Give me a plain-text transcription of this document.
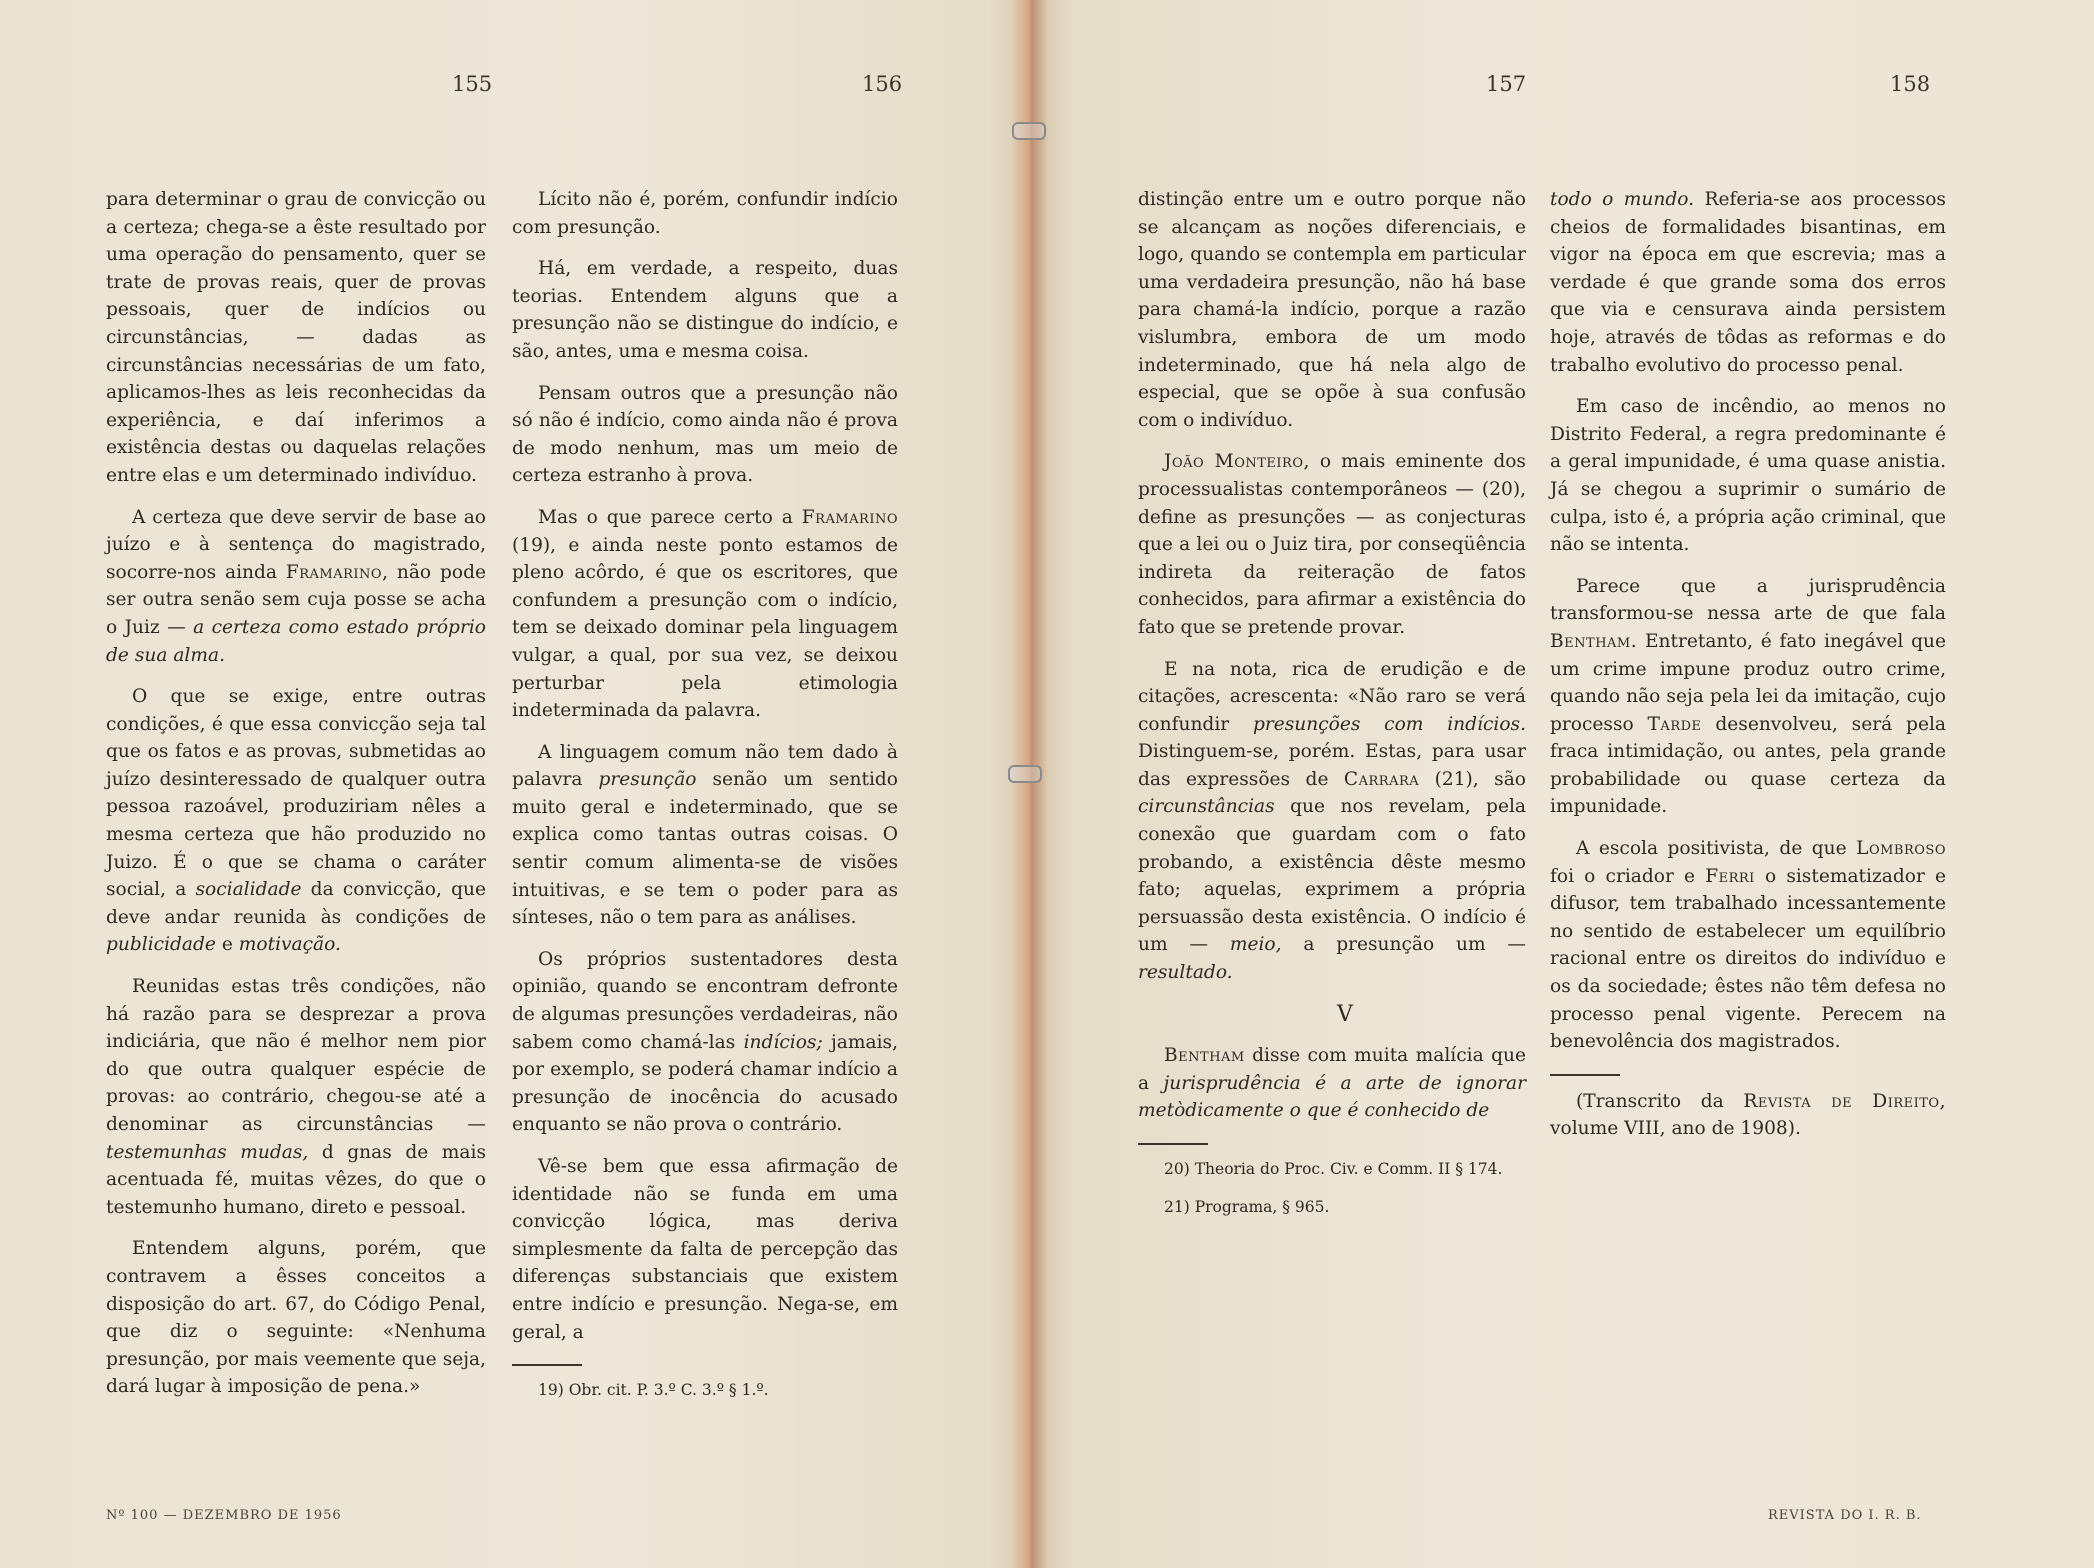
155

para determinar o grau de convicção ou a certeza; chega-se a êste resultado por uma operação do pensamento, quer se trate de provas reais, quer de provas pessoais, quer de indícios ou circunstâncias, — dadas as circunstâncias necessárias de um fato, aplicamos-lhes as leis reconhecidas da experiência, e daí inferimos a existência destas ou daquelas relações entre elas e um determinado indivíduo.

A certeza que deve servir de base ao juízo e à sentença do magistrado, socorre-nos ainda Framarino, não pode ser outra senão sem cuja posse se acha o Juiz — a certeza como estado próprio de sua alma.

O que se exige, entre outras condições, é que essa convicção seja tal que os fatos e as provas, submetidas ao juízo desinteressado de qualquer outra pessoa razoável, produziriam nêles a mesma certeza que hão produzido no Juizo. É o que se chama o caráter social, a socialidade da convicção, que deve andar reunida às condições de publicidade e motivação.

Reunidas estas três condições, não há razão para se desprezar a prova indiciária, que não é melhor nem pior do que outra qualquer espécie de provas: ao contrário, chegou-se até a denominar as circunstâncias — testemunhas mudas, d gnas de mais acentuada fé, muitas vêzes, do que o testemunho humano, direto e pessoal.

Entendem alguns, porém, que contravem a êsses conceitos a disposição do art. 67, do Código Penal, que diz o seguinte: «Nenhuma presunção, por mais veemente que seja, dará lugar à imposição de pena.»

Nº 100 — DEZEMBRO DE 1956
156

Lícito não é, porém, confundir indício com presunção.

Há, em verdade, a respeito, duas teorias. Entendem alguns que a presunção não se distingue do indício, e são, antes, uma e mesma coisa.

Pensam outros que a presunção não só não é indício, como ainda não é prova de modo nenhum, mas um meio de certeza estranho à prova.

Mas o que parece certo a Framarino (19), e ainda neste ponto estamos de pleno acôrdo, é que os escritores, que confundem a presunção com o indício, tem se deixado dominar pela linguagem vulgar, a qual, por sua vez, se deixou perturbar pela etimologia indeterminada da palavra.

A linguagem comum não tem dado à palavra presunção senão um sentido muito geral e indeterminado, que se explica como tantas outras coisas. O sentir comum alimenta-se de visões intuitivas, e se tem o poder para as sínteses, não o tem para as análises.

Os próprios sustentadores desta opinião, quando se encontram defronte de algumas presunções verdadeiras, não sabem como chamá-las indícios; jamais, por exemplo, se poderá chamar indício a presunção de inocência do acusado enquanto se não prova o contrário.

Vê-se bem que essa afirmação de identidade não se funda em uma convicção lógica, mas deriva simplesmente da falta de percepção das diferenças substanciais que existem entre indício e presunção. Nega-se, em geral, a

19) Obr. cit. P. 3.º C. 3.º § 1.º.

157

distinção entre um e outro porque não se alcançam as noções diferenciais, e logo, quando se contempla em particular uma verdadeira presunção, não há base para chamá-la indício, porque a razão vislumbra, embora de um modo indeterminado, que há nela algo de especial, que se opõe à sua confusão com o indivíduo.

João Monteiro, o mais eminente dos processualistas contemporâneos — (20), define as presunções — as conjecturas que a lei ou o Juiz tira, por conseqüência indireta da reiteração de fatos conhecidos, para afirmar a existência do fato que se pretende provar.

E na nota, rica de erudição e de citações, acrescenta: «Não raro se verá confundir presunções com indícios. Distinguem-se, porém. Estas, para usar das expressões de Carrara (21), são circunstâncias que nos revelam, pela conexão que guardam com o fato probando, a existência dêste mesmo fato; aquelas, exprimem a própria persuassão desta existência. O indício é um — meio, a presunção um — resultado.

V

Bentham disse com muita malícia que a jurisprudência é a arte de ignorar metòdicamente o que é conhecido de

20) Theoria do Proc. Civ. e Comm. II § 174.

21) Programa, § 965.

158

todo o mundo. Referia-se aos processos cheios de formalidades bisantinas, em vigor na época em que escrevia; mas a verdade é que grande soma dos erros que via e censurava ainda persistem hoje, através de tôdas as reformas e do trabalho evolutivo do processo penal.

Em caso de incêndio, ao menos no Distrito Federal, a regra predominante é a geral impunidade, é uma quase anistia. Já se chegou a suprimir o sumário de culpa, isto é, a própria ação criminal, que não se intenta.

Parece que a jurisprudência transformou-se nessa arte de que fala Bentham. Entretanto, é fato inegável que um crime impune produz outro crime, quando não seja pela lei da imitação, cujo processo Tarde desenvolveu, será pela fraca intimidação, ou antes, pela grande probabilidade ou quase certeza da impunidade.

A escola positivista, de que Lombroso foi o criador e Ferri o sistematizador e difusor, tem trabalhado incessantemente no sentido de estabelecer um equilíbrio racional entre os direitos do indivíduo e os da sociedade; êstes não têm defesa no processo penal vigente. Perecem na benevolência dos magistrados.

(Transcrito da Revista de Direito, volume VIII, ano de 1908).

REVISTA DO I. R. B.
